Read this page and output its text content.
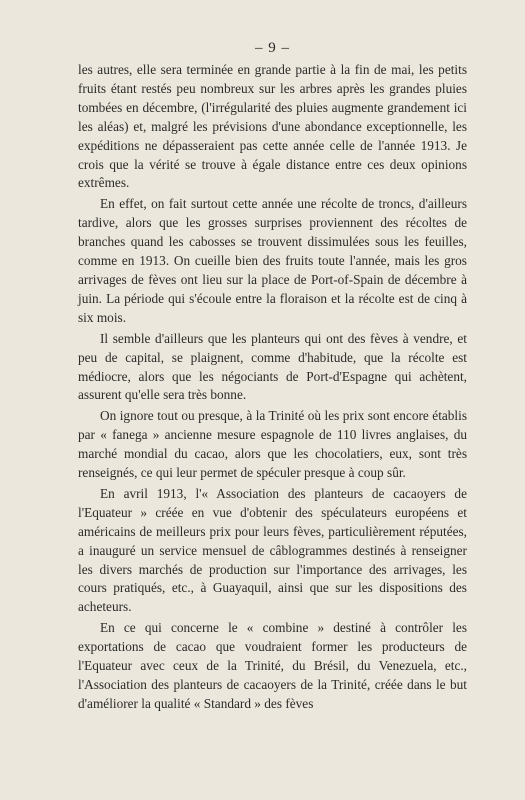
– 9 –

les autres, elle sera terminée en grande partie à la fin de mai, les petits fruits étant restés peu nombreux sur les arbres après les grandes pluies tombées en décembre, (l'irrégularité des pluies augmente grandement ici les aléas) et, malgré les prévisions d'une abondance exceptionnelle, les expéditions ne dépasseraient pas cette année celle de l'année 1913. Je crois que la vérité se trouve à égale distance entre ces deux opinions extrêmes.

En effet, on fait surtout cette année une récolte de troncs, d'ailleurs tardive, alors que les grosses surprises proviennent des récoltes de branches quand les cabosses se trouvent dissimulées sous les feuilles, comme en 1913. On cueille bien des fruits toute l'année, mais les gros arrivages de fèves ont lieu sur la place de Port-of-Spain de décembre à juin. La période qui s'écoule entre la floraison et la récolte est de cinq à six mois.

Il semble d'ailleurs que les planteurs qui ont des fèves à vendre, et peu de capital, se plaignent, comme d'habitude, que la récolte est médiocre, alors que les négociants de Port-d'Espagne qui achètent, assurent qu'elle sera très bonne.

On ignore tout ou presque, à la Trinité où les prix sont encore établis par « fanega » ancienne mesure espagnole de 110 livres anglaises, du marché mondial du cacao, alors que les chocolatiers, eux, sont très renseignés, ce qui leur permet de spéculer presque à coup sûr.

En avril 1913, l'« Association des planteurs de cacaoyers de l'Equateur » créée en vue d'obtenir des spéculateurs européens et américains de meilleurs prix pour leurs fèves, particulièrement réputées, a inauguré un service mensuel de câblogrammes destinés à renseigner les divers marchés de production sur l'importance des arrivages, les cours pratiqués, etc., à Guayaquil, ainsi que sur les dispositions des acheteurs.

En ce qui concerne le « combine » destiné à contrôler les exportations de cacao que voudraient former les producteurs de l'Equateur avec ceux de la Trinité, du Brésil, du Venezuela, etc., l'Association des planteurs de cacaoyers de la Trinité, créée dans le but d'améliorer la qualité « Standard » des fèves
